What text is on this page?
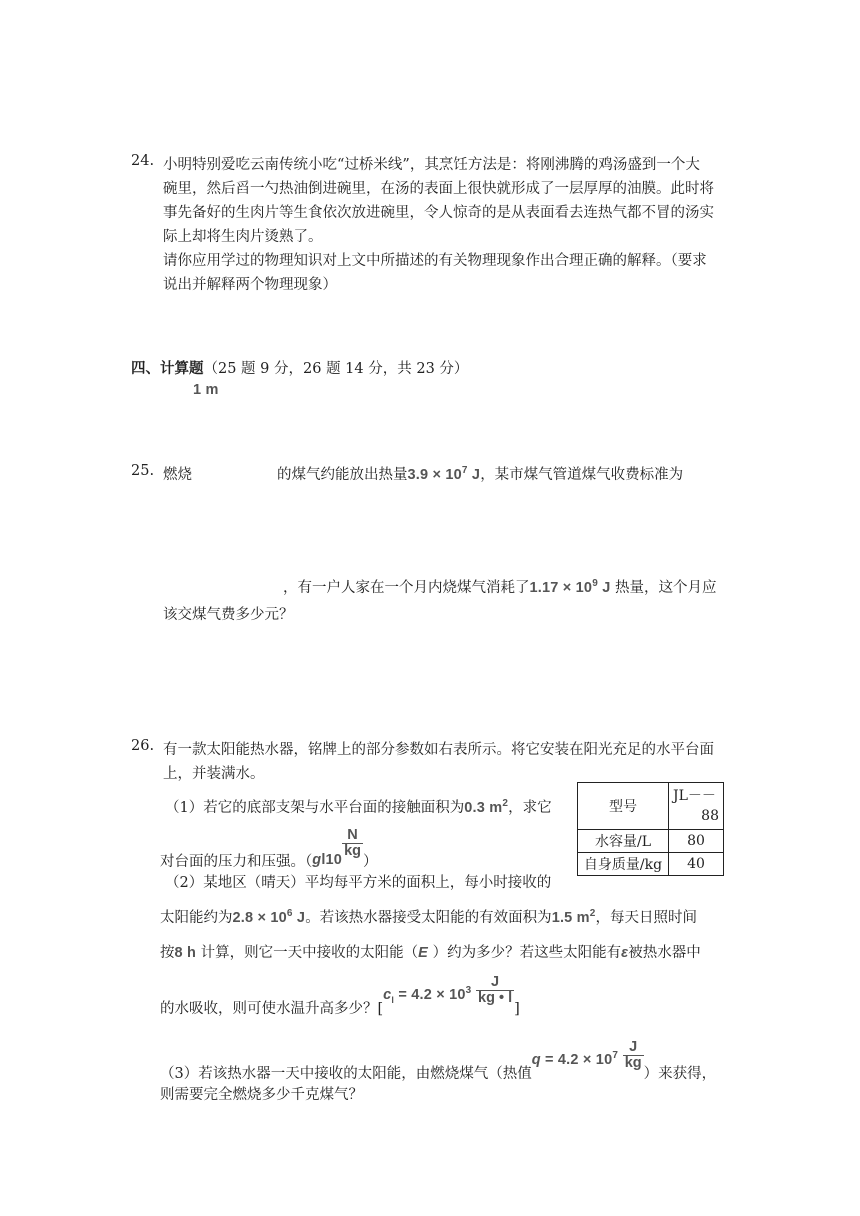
24. 小明特别爱吃云南传统小吃“过桥米线”，其烹饪方法是：将刚沸腾的鸡汤盛到一个大
碗里，然后舀一勺热油倒进碗里，在汤的表面上很快就形成了一层厚厚的油膜。此时将
事先备好的生肉片等生食依次放进碗里，令人惊奇的是从表面看去连热气都不冒的汤实
际上却将生肉片烫熟了。
请你应用学过的物理知识对上文中所描述的有关物理现象作出合理正确的解释。（要求
说出并解释两个物理现象）
四、计算题（25 题 9 分，26 题 14 分，共 23 分）
1 m
25. 燃烧	的煤气约能放出热量$3.9 \times 10^7$ J，某市煤气管道煤气收费标准为
，有一户人家在一个月内烧煤气消耗了$1.17 \times 10^9$ J 热量，这个月应
该交煤气费多少元？
26. 有一款太阳能热水器，铭牌上的部分参数如右表所示。将它安装在阳光充足的水平台面
上，并装满水。
（1）若它的底部支架与水平台面的接触面积为0.3 $m^2$，求它
对台面的压力和压强。（gl10
$\frac{N}{kg}$
）
（2）某地区（晴天）平均每平方米的面积上，每小时接收的
太阳能约为$2.8 \times 10^6$ J。若该热水器接受太阳能的有效面积为1.5 $m^2$，每天日照时间
按8 h 计算，则它一天中接收的太阳能（E ）约为多少？若这些太阳能有ε被热水器中
的水吸收，则可使水温升高多少？[$c_l = 4.2 \times 10^3 \frac{J}{kg • l}$
]
（3）若该热水器一天中接收的太阳能，由燃烧煤气（热值$q = 4.2 \times 10^7 \frac{J}{kg}$
）来获得，
则需要完全燃烧多少千克煤气？
型号	JL－－
88

水容量/L	80
自身质量/kg	40
